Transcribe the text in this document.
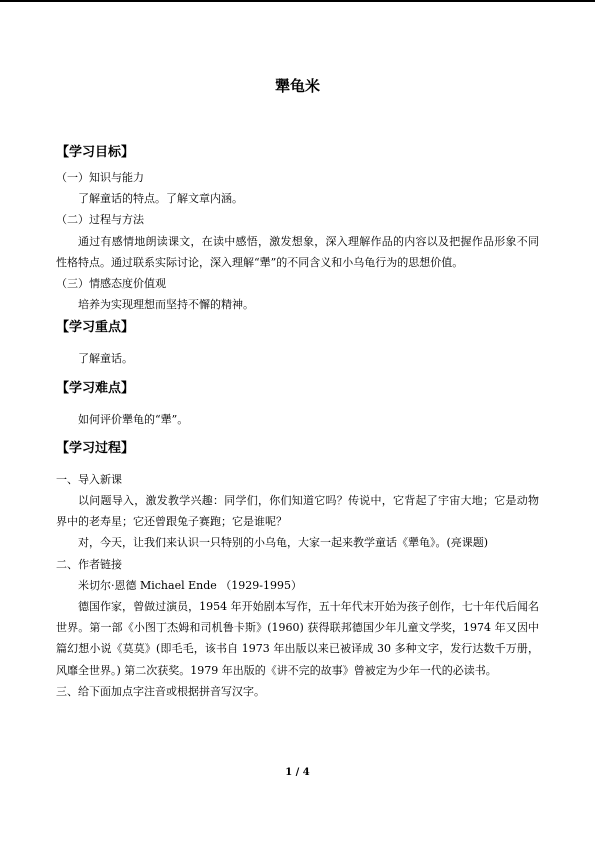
犟龟米
【学习目标】
（一）知识与能力
了解童话的特点。了解文章内涵。
（二）过程与方法
通过有感情地朗读课文，在读中感悟，激发想象，深入理解作品的内容以及把握作品形象不同性格特点。通过联系实际讨论，深入理解“犟”的不同含义和小乌龟行为的思想价值。
（三）情感态度价值观
培养为实现理想而坚持不懈的精神。
【学习重点】
了解童话。
【学习难点】
如何评价犟龟的“犟”。
【学习过程】
一、导入新课
以问题导入，激发教学兴趣：同学们，你们知道它吗？传说中，它背起了宇宙大地；它是动物界中的老寿星；它还曾跟兔子赛跑；它是谁呢？
对，今天，让我们来认识一只特别的小乌龟，大家一起来教学童话《犟龟》。(亮课题)
二、作者链接
米切尔·恩德 Michael Ende （1929-1995）
德国作家，曾做过演员，1954 年开始剧本写作，五十年代末开始为孩子创作，七十年代后闻名世界。第一部《小图丁杰姆和司机鲁卡斯》(1960) 获得联邦德国少年儿童文学奖，1974 年又因中篇幻想小说《莫莫》(即毛毛，该书自 1973 年出版以来已被译成 30 多种文字，发行达数千万册，风靡全世界。) 第二次获奖。1979 年出版的《讲不完的故事》曾被定为少年一代的必读书。
三、给下面加点字注音或根据拼音写汉字。
1 / 4
